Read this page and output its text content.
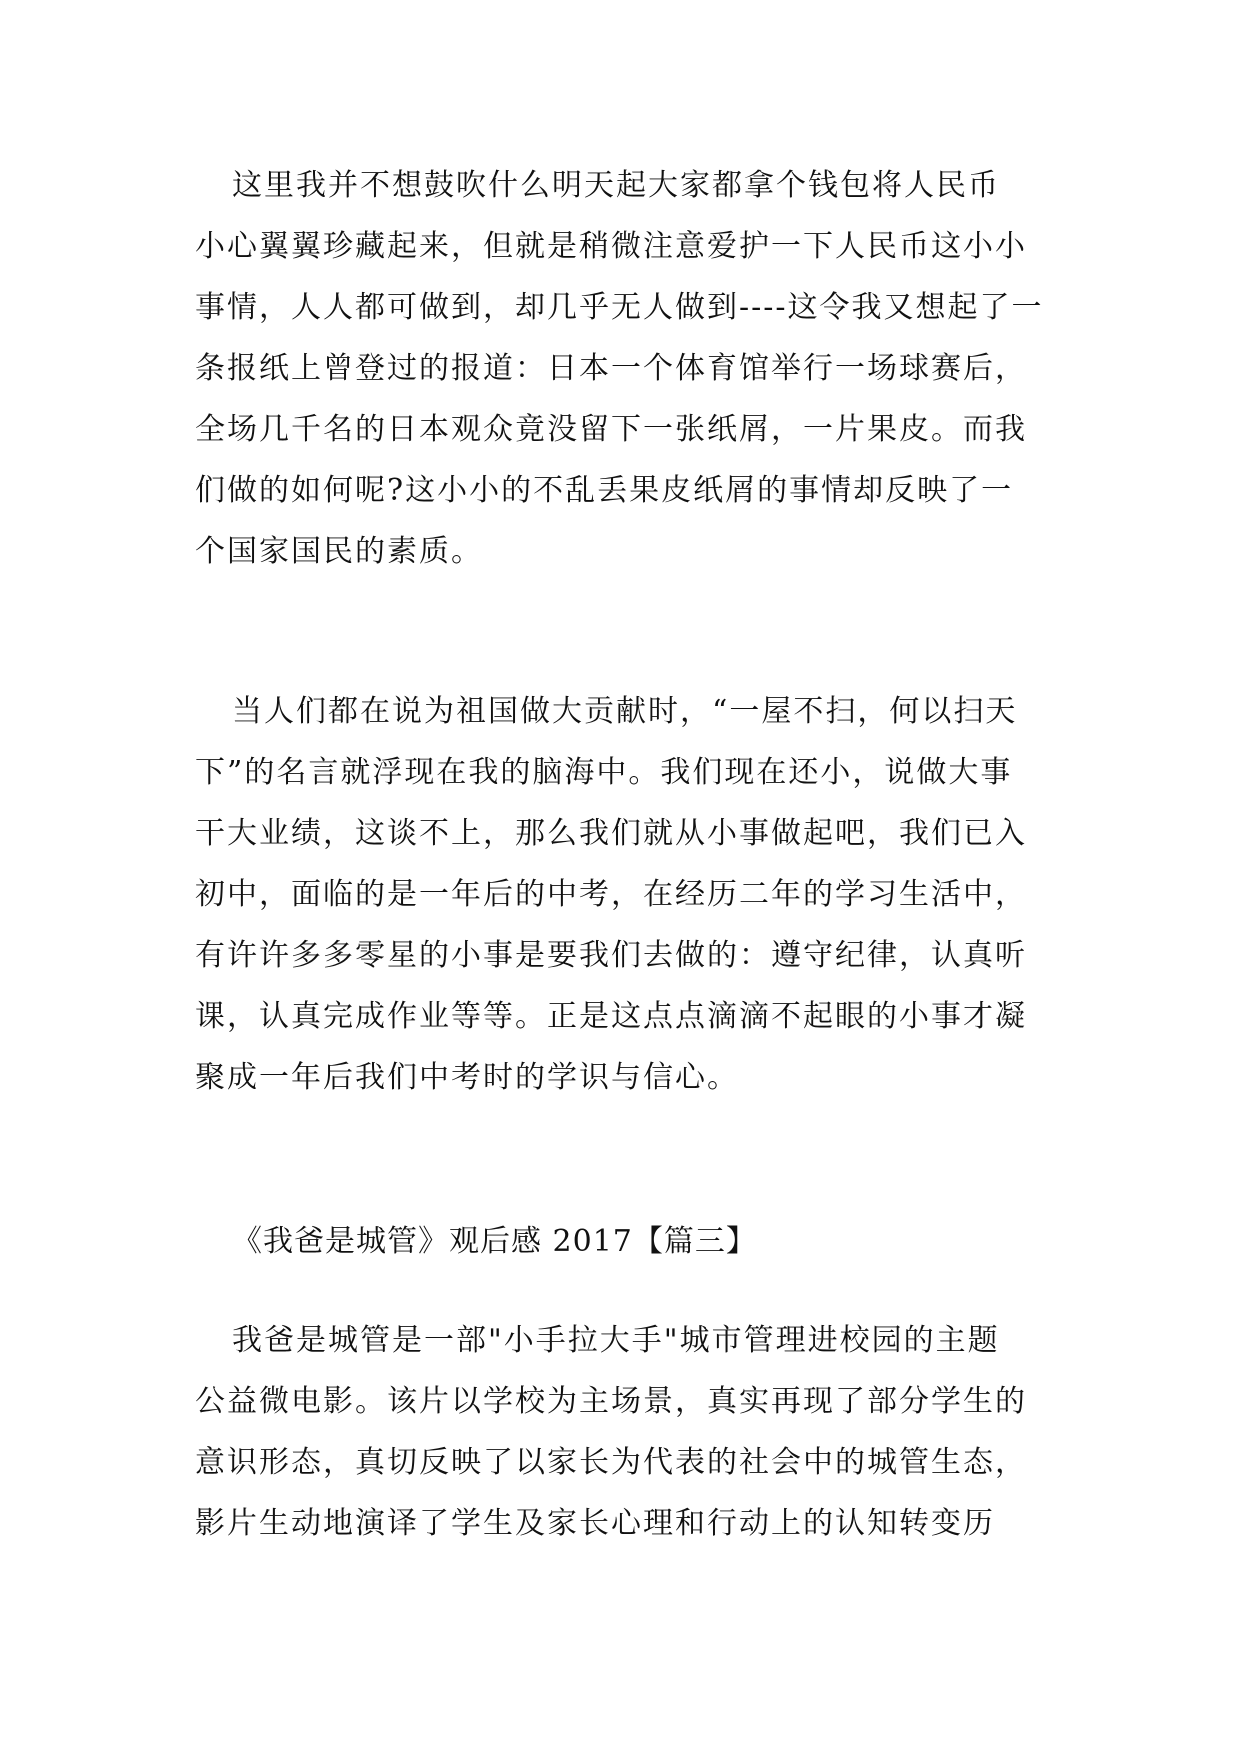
这里我并不想鼓吹什么明天起大家都拿个钱包将人民币
小心翼翼珍藏起来，但就是稍微注意爱护一下人民币这小小
事情，人人都可做到，却几乎无人做到----这令我又想起了一
条报纸上曾登过的报道：日本一个体育馆举行一场球赛后，
全场几千名的日本观众竟没留下一张纸屑，一片果皮。而我
们做的如何呢?这小小的不乱丢果皮纸屑的事情却反映了一
个国家国民的素质。
当人们都在说为祖国做大贡献时，“一屋不扫，何以扫天
下”的名言就浮现在我的脑海中。我们现在还小，说做大事
干大业绩，这谈不上，那么我们就从小事做起吧，我们已入
初中，面临的是一年后的中考，在经历二年的学习生活中，
有许许多多零星的小事是要我们去做的：遵守纪律，认真听
课，认真完成作业等等。正是这点点滴滴不起眼的小事才凝
聚成一年后我们中考时的学识与信心。
《我爸是城管》观后感 2017【篇三】
我爸是城管是一部"小手拉大手"城市管理进校园的主题
公益微电影。该片以学校为主场景，真实再现了部分学生的
意识形态，真切反映了以家长为代表的社会中的城管生态，
影片生动地演译了学生及家长心理和行动上的认知转变历
